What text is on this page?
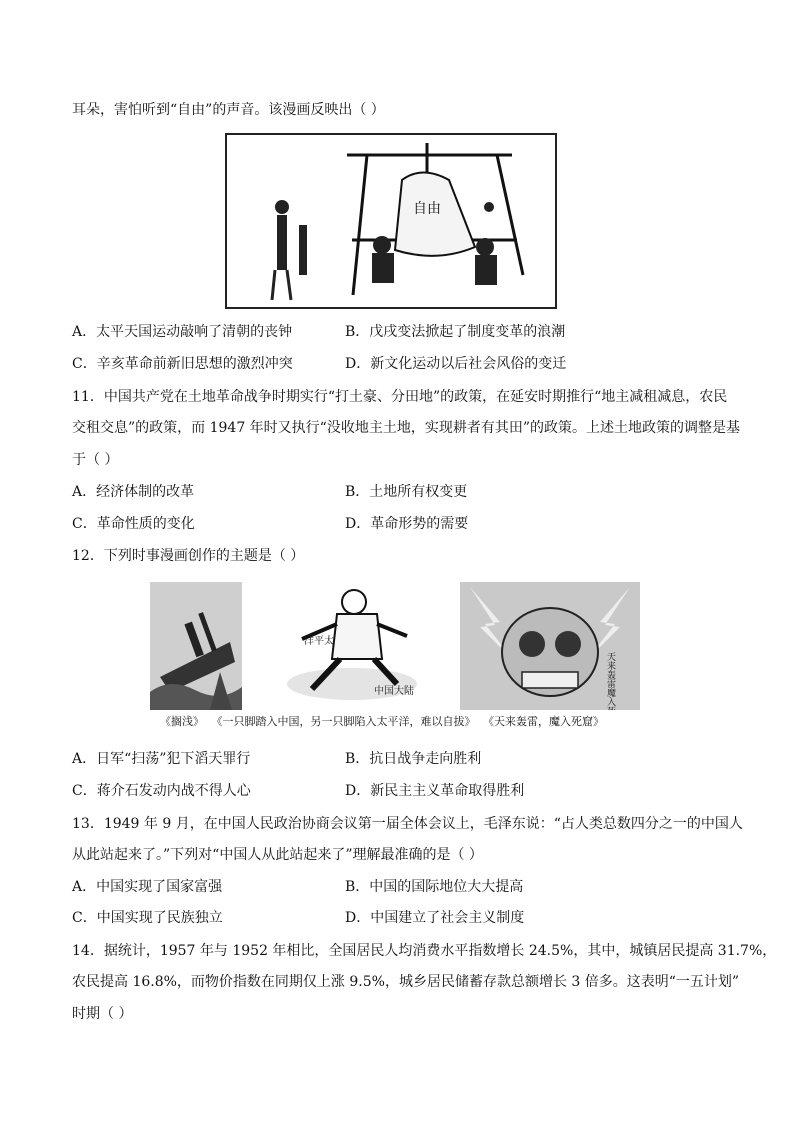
耳朵，害怕听到“自由”的声音。该漫画反映出（ ）
自由
A．太平天国运动敲响了清朝的丧钟	B．戊戌变法掀起了制度变革的浪潮
C．辛亥革命前新旧思想的激烈冲突	D．新文化运动以后社会风俗的变迁
11．中国共产党在土地革命战争时期实行“打土豪、分田地”的政策，在延安时期推行“地主减租减息，农民
交租交息”的政策，而 1947 年时又执行“没收地主土地，实现耕者有其田”的政策。上述土地政策的调整是基
于（ ）
A．经济体制的改革	B．土地所有权变更
C．革命性质的变化	D．革命形势的需要
12．下列时事漫画创作的主题是（ ）
洋平太
中国大陆	天来轰雷魔入死窟
《搁浅》 《一只脚踏入中国，另一只脚陷入太平洋，难以自拔》 《天来轰雷，魔入死窟》
A．日军“扫荡”犯下滔天罪行	B．抗日战争走向胜利
C．蒋介石发动内战不得人心	D．新民主主义革命取得胜利
13．1949 年 9 月，在中国人民政治协商会议第一届全体会议上，毛泽东说：“占人类总数四分之一的中国人
从此站起来了。”下列对“中国人从此站起来了”理解最准确的是（ ）
A．中国实现了国家富强	B．中国的国际地位大大提高
C．中国实现了民族独立	D．中国建立了社会主义制度
14．据统计，1957 年与 1952 年相比，全国居民人均消费水平指数增长 24.5%，其中，城镇居民提高 31.7%，
农民提高 16.8%，而物价指数在同期仅上涨 9.5%，城乡居民储蓄存款总额增长 3 倍多。这表明“一五计划”
时期（ ）
